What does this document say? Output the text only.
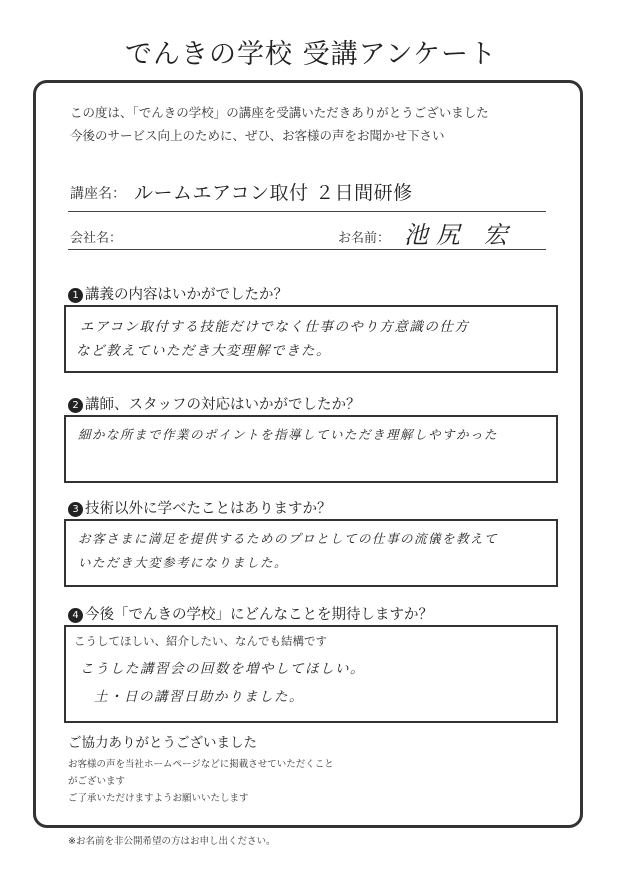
でんきの学校 受講アンケート
この度は、「でんきの学校」の講座を受講いただきありがとうございました
今後のサービス向上のために、ぜひ、お客様の声をお聞かせ下さい
講座名： ルームエアコン取付 ２日間研修
会社名：	お名前： 池尻 宏
1 講義の内容はいかがでしたか？
エアコン取付する技能だけでなく仕事のやり方意識の仕方
など教えていただき大変理解できた。
2 講師、スタッフの対応はいかがでしたか？
細かな所まで作業のポイントを指導していただき理解しやすかった
3 技術以外に学べたことはありますか？
お客さまに満足を提供するためのプロとしての仕事の流儀を教えて
いただき大変参考になりました。
4 今後「でんきの学校」にどんなことを期待しますか？
こうしてほしい、紹介したい、なんでも結構です
こうした講習会の回数を増やしてほしい。
土・日の講習日助かりました。
ご協力ありがとうございました
お客様の声を当社ホームページなどに掲載させていただくこと
がございます
ご了承いただけますようお願いいたします
※お名前を非公開希望の方はお申し出ください。
